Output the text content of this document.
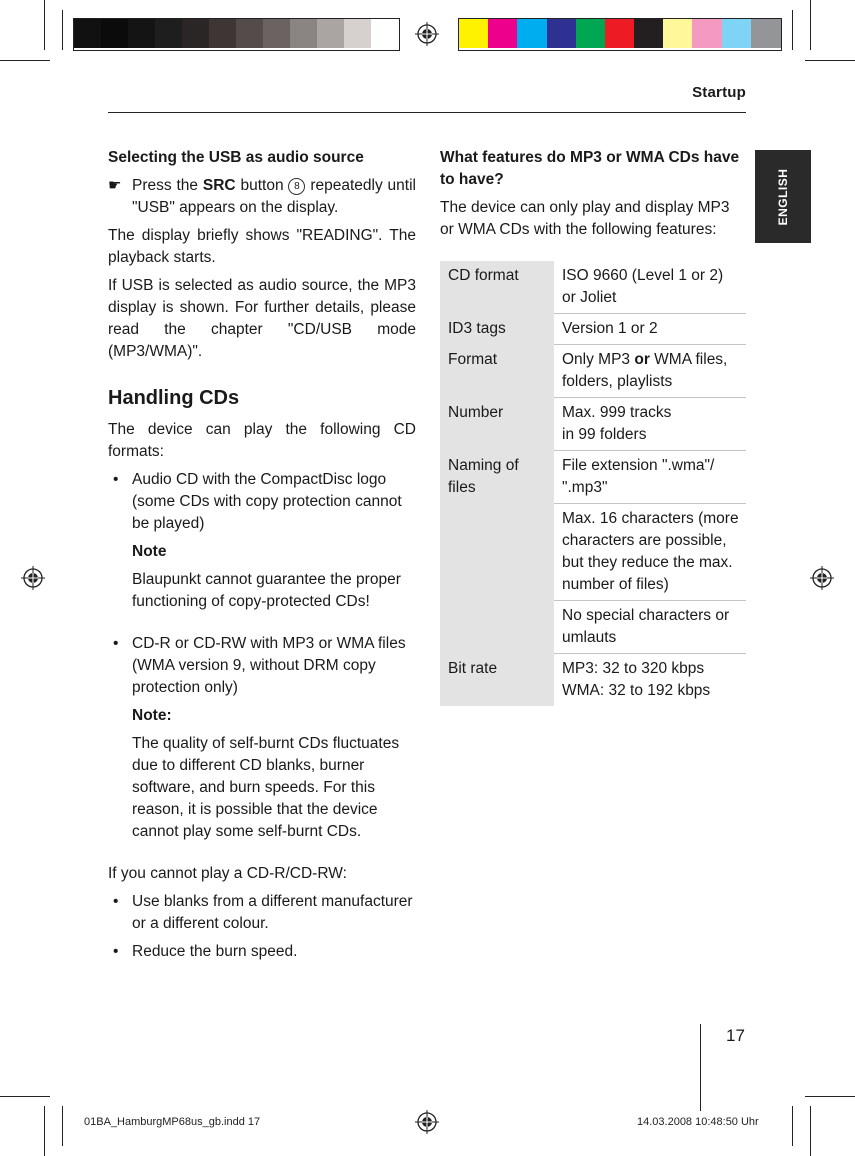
Startup
ENGLISH
Selecting the USB as audio source
☛ Press the SRC button 8 repeatedly until "USB" appears on the display.

The display briefly shows "READING". The playback starts.

If USB is selected as audio source, the MP3 display is shown. For further details, please read the chapter "CD/USB mode (MP3/WMA)".

Handling CDs

The device can play the following CD formats:

• Audio CD with the CompactDisc logo (some CDs with copy protection cannot be played)
Note
Blaupunkt cannot guarantee the proper functioning of copy-protected CDs!
• CD-R or CD-RW with MP3 or WMA files (WMA version 9, without DRM copy protection only)
Note:
The quality of self-burnt CDs fluctuates due to different CD blanks, burner software, and burn speeds. For this reason, it is possible that the device cannot play some self-burnt CDs.

If you cannot play a CD-R/CD-RW:

• Use blanks from a different manufacturer or a different colour.
• Reduce the burn speed.
What features do MP3 or WMA CDs have to have?

The device can only play and display MP3 or WMA CDs with the following features:

CD format	ISO 9660 (Level 1 or 2) or Joliet
ID3 tags	Version 1 or 2
Format	Only MP3 or WMA files, folders, playlists
Number	Max. 999 tracks
in 99 folders

Naming of files	File extension ".wma"/ ".mp3"
	Max. 16 characters (more characters are possible, but they reduce the max. number of files)
	No special characters or umlauts
Bit rate	MP3: 32 to 320 kbps
WMA: 32 to 192 kbps
17
01BA_HamburgMP68us_gb.indd 17	14.03.2008 10:48:50 Uhr
